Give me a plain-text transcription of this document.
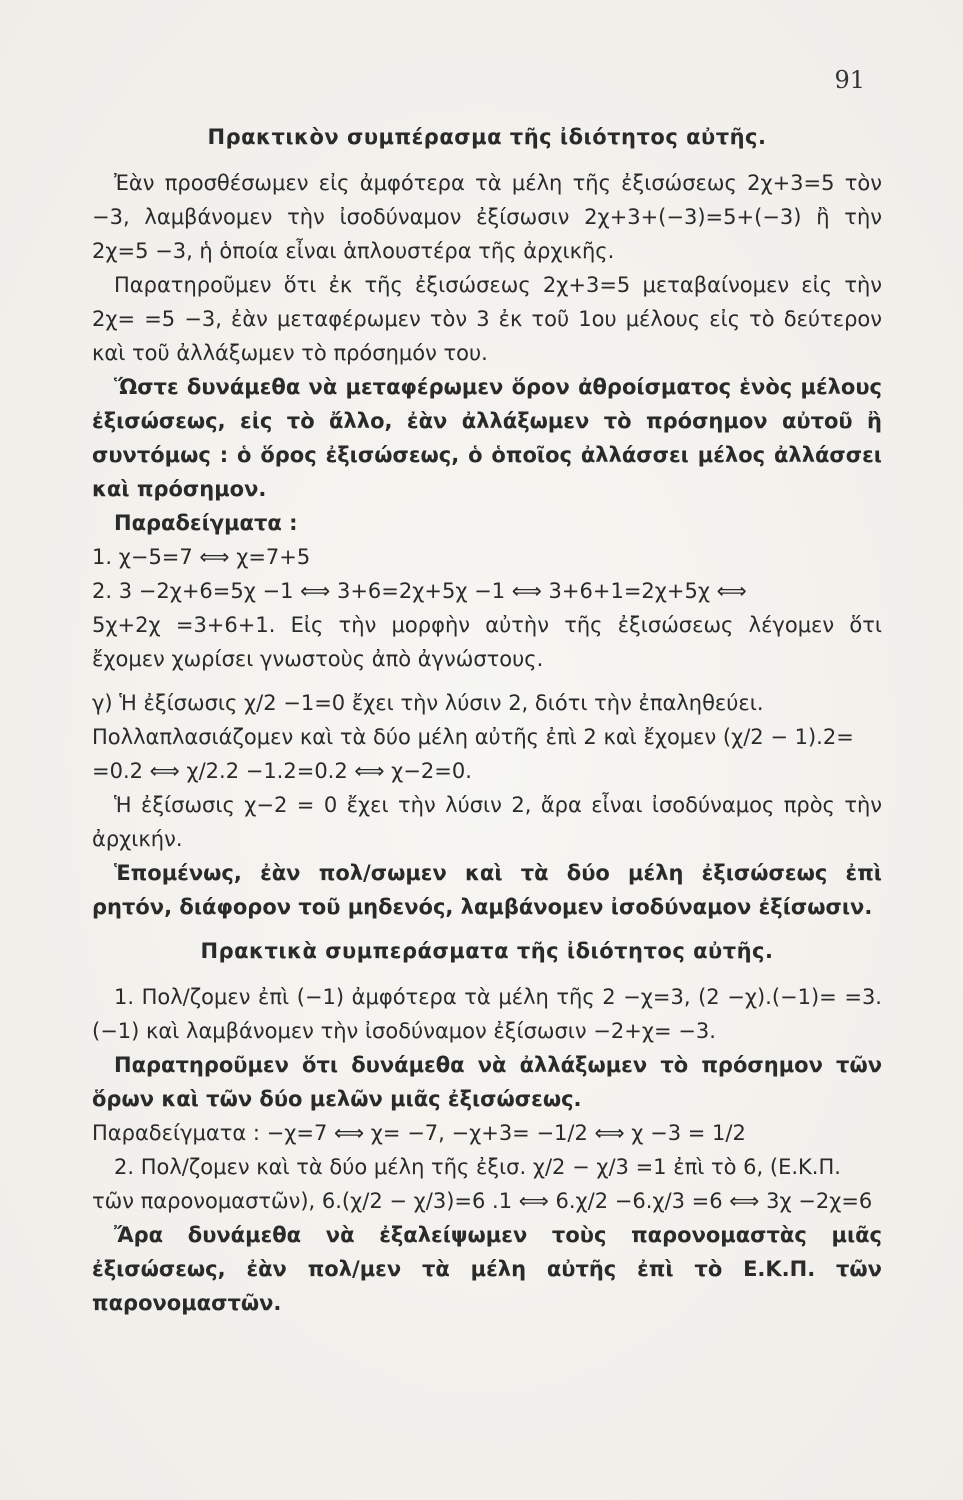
91

Πρακτικὸν συμπέρασμα τῆς ἰδιότητος αὐτῆς.

Ἐὰν προσθέσωμεν εἰς ἀμφότερα τὰ μέλη τῆς ἐξισώσεως 2χ+3=5 τὸν −3, λαμβάνομεν τὴν ἰσοδύναμον ἐξίσωσιν 2χ+3+(−3)=5+(−3) ἢ τὴν 2χ=5 −3, ἡ ὁποία εἶναι ἁπλουστέρα τῆς ἀρχικῆς.

Παρατηροῦμεν ὅτι ἐκ τῆς ἐξισώσεως 2χ+3=5 μεταβαίνομεν εἰς τὴν 2χ= =5 −3, ἐὰν μεταφέρωμεν τὸν 3 ἐκ τοῦ 1ου μέλους εἰς τὸ δεύτερον καὶ τοῦ ἀλλάξωμεν τὸ πρόσημόν του.

Ὥστε δυνάμεθα νὰ μεταφέρωμεν ὅρον ἀθροίσματος ἑνὸς μέλους ἐξισώσεως, εἰς τὸ ἄλλο, ἐὰν ἀλλάξωμεν τὸ πρόσημον αὐτοῦ ἢ συντόμως : ὁ ὅρος ἐξισώσεως, ὁ ὁποῖος ἀλλάσσει μέλος ἀλλάσσει καὶ πρόσημον.

Παραδείγματα :

1. χ−5=7 ⟺ χ=7+5

2. 3 −2χ+6=5χ −1 ⟺ 3+6=2χ+5χ −1 ⟺ 3+6+1=2χ+5χ ⟺

5χ+2χ =3+6+1. Εἰς τὴν μορφὴν αὐτὴν τῆς ἐξισώσεως λέγομεν ὅτι ἔχομεν χωρίσει γνωστοὺς ἀπὸ ἀγνώστους.

γ) Ἡ ἐξίσωσις χ/2 −1=0 ἔχει τὴν λύσιν 2, διότι τὴν ἐπαληθεύει.

Πολλαπλασιάζομεν καὶ τὰ δύο μέλη αὐτῆς ἐπὶ 2 καὶ ἔχομεν (χ/2 − 1).2=

=0.2 ⟺ χ/2.2 −1.2=0.2 ⟺ χ−2=0.

Ἡ ἐξίσωσις χ−2 = 0 ἔχει τὴν λύσιν 2, ἄρα εἶναι ἰσοδύναμος πρὸς τὴν ἀρχικήν.

Ἑπομένως, ἐὰν πολ/σωμεν καὶ τὰ δύο μέλη ἐξισώσεως ἐπὶ ρητόν, διάφορον τοῦ μηδενός, λαμβάνομεν ἰσοδύναμον ἐξίσωσιν.

Πρακτικὰ συμπεράσματα τῆς ἰδιότητος αὐτῆς.

1. Πολ/ζομεν ἐπὶ (−1) ἀμφότερα τὰ μέλη τῆς 2 −χ=3, (2 −χ).(−1)= =3.(−1) καὶ λαμβάνομεν τὴν ἰσοδύναμον ἐξίσωσιν −2+χ= −3.

Παρατηροῦμεν ὅτι δυνάμεθα νὰ ἀλλάξωμεν τὸ πρόσημον τῶν ὅρων καὶ τῶν δύο μελῶν μιᾶς ἐξισώσεως.

Παραδείγματα : −χ=7 ⟺ χ= −7, −χ+3= −1/2 ⟺ χ −3 = 1/2

2. Πολ/ζομεν καὶ τὰ δύο μέλη τῆς ἐξισ. χ/2 − χ/3 =1 ἐπὶ τὸ 6, (Ε.Κ.Π.

τῶν παρονομαστῶν), 6.(χ/2 − χ/3)=6 .1 ⟺ 6.χ/2 −6.χ/3 =6 ⟺ 3χ −2χ=6

Ἄρα δυνάμεθα νὰ ἐξαλείψωμεν τοὺς παρονομαστὰς μιᾶς ἐξισώσεως, ἐὰν πολ/μεν τὰ μέλη αὐτῆς ἐπὶ τὸ Ε.Κ.Π. τῶν παρονομαστῶν.
